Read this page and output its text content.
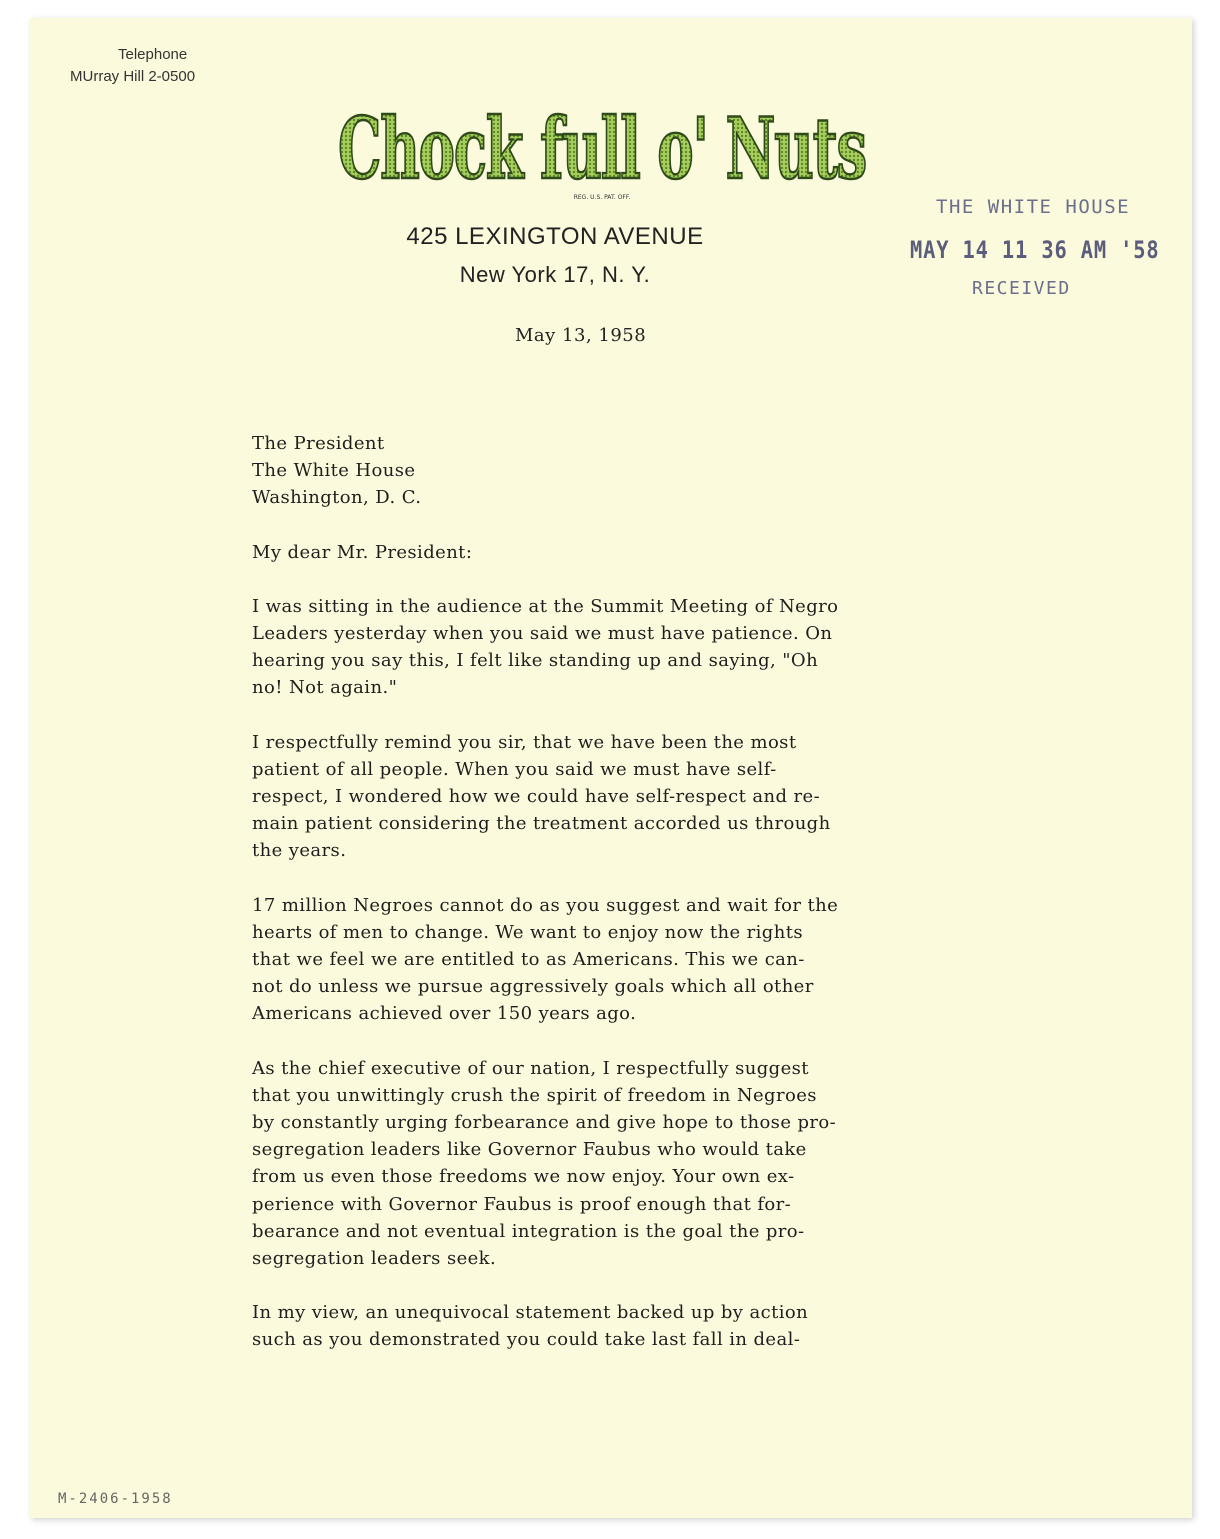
Telephone
MUrray Hill 2-0500
Chock full o' Nuts
REG. U.S. PAT. OFF.
425 LEXINGTON AVENUE
New York 17, N. Y.
THE WHITE HOUSE
MAY 14 11 36 AM '58
RECEIVED
May 13, 1958

The President

The White House

Washington, D. C.

My dear Mr. President:

I was sitting in the audience at the Summit Meeting of Negro

Leaders yesterday when you said we must have patience. On

hearing you say this, I felt like standing up and saying, "Oh

no! Not again."

I respectfully remind you sir, that we have been the most

patient of all people. When you said we must have self-

respect, I wondered how we could have self-respect and re-

main patient considering the treatment accorded us through

the years.

17 million Negroes cannot do as you suggest and wait for the

hearts of men to change. We want to enjoy now the rights

that we feel we are entitled to as Americans. This we can-

not do unless we pursue aggressively goals which all other

Americans achieved over 150 years ago.

As the chief executive of our nation, I respectfully suggest

that you unwittingly crush the spirit of freedom in Negroes

by constantly urging forbearance and give hope to those pro-

segregation leaders like Governor Faubus who would take

from us even those freedoms we now enjoy. Your own ex-

perience with Governor Faubus is proof enough that for-

bearance and not eventual integration is the goal the pro-

segregation leaders seek.

In my view, an unequivocal statement backed up by action

such as you demonstrated you could take last fall in deal-

M-2406-1958
